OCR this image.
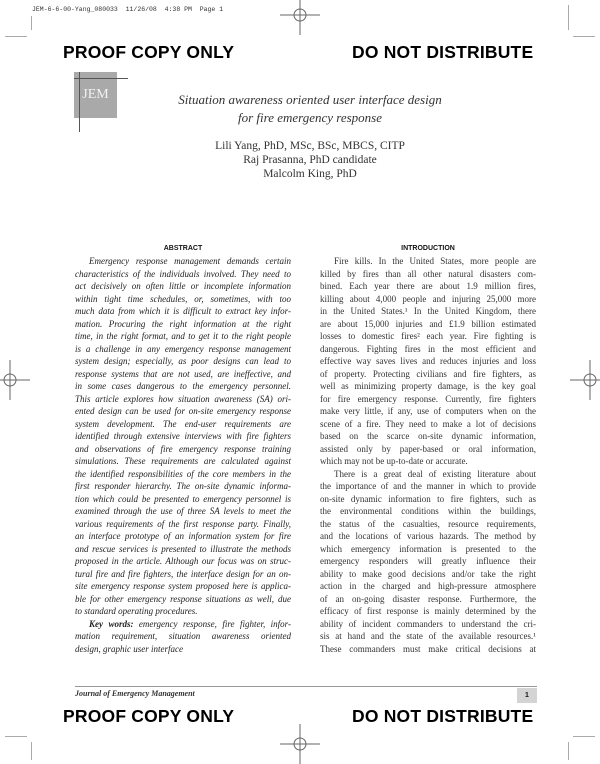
JEM-6-6-00-Yang_080033  11/26/08  4:38 PM  Page 1
PROOF COPY ONLY	DO NOT DISTRIBUTE
JEM	Situation awareness oriented user interface design
for fire emergency response
Lili Yang, PhD, MSc, BSc, MBCS, CITP
Raj Prasanna, PhD candidate
Malcolm King, PhD
ABSTRACT
Emergency response management demands certain
characteristics of the individuals involved. They need to
act decisively on often little or incomplete information
within tight time schedules, or, sometimes, with too
much data from which it is difficult to extract key infor-
mation. Procuring the right information at the right
time, in the right format, and to get it to the right people
is a challenge in any emergency response management
system design; especially, as poor designs can lead to
response systems that are not used, are ineffective, and
in some cases dangerous to the emergency personnel.
This article explores how situation awareness (SA) ori-
ented design can be used for on-site emergency response
system development. The end-user requirements are
identified through extensive interviews with fire fighters
and observations of fire emergency response training
simulations. These requirements are calculated against
the identified responsibilities of the core members in the
first responder hierarchy. The on-site dynamic informa-
tion which could be presented to emergency personnel is
examined through the use of three SA levels to meet the
various requirements of the first response party. Finally,
an interface prototype of an information system for fire
and rescue services is presented to illustrate the methods
proposed in the article. Although our focus was on struc-
tural fire and fire fighters, the interface design for an on-
site emergency response system proposed here is applica-
ble for other emergency response situations as well, due
to standard operating procedures.
Key words: emergency response, fire fighter, infor-
mation requirement, situation awareness oriented
design, graphic user interface
INTRODUCTION
Fire kills. In the United States, more people are
killed by fires than all other natural disasters com-
bined. Each year there are about 1.9 million fires,
killing about 4,000 people and injuring 25,000 more
in the United States.¹ In the United Kingdom, there
are about 15,000 injuries and £1.9 billion estimated
losses to domestic fires² each year. Fire fighting is
dangerous. Fighting fires in the most efficient and
effective way saves lives and reduces injuries and loss
of property. Protecting civilians and fire fighters, as
well as minimizing property damage, is the key goal
for fire emergency response. Currently, fire fighters
make very little, if any, use of computers when on the
scene of a fire. They need to make a lot of decisions
based on the scarce on-site dynamic information,
assisted only by paper-based or oral information,
which may not be up-to-date or accurate.
There is a great deal of existing literature about
the importance of and the manner in which to provide
on-site dynamic information to fire fighters, such as
the environmental conditions within the buildings,
the status of the casualties, resource requirements,
and the locations of various hazards. The method by
which emergency information is presented to the
emergency responders will greatly influence their
ability to make good decisions and/or take the right
action in the charged and high-pressure atmosphere
of an on-going disaster response. Furthermore, the
efficacy of first response is mainly determined by the
ability of incident commanders to understand the cri-
sis at hand and the state of the available resources.¹
These commanders must make critical decisions at
Journal of Emergency Management	1
PROOF COPY ONLY	DO NOT DISTRIBUTE
